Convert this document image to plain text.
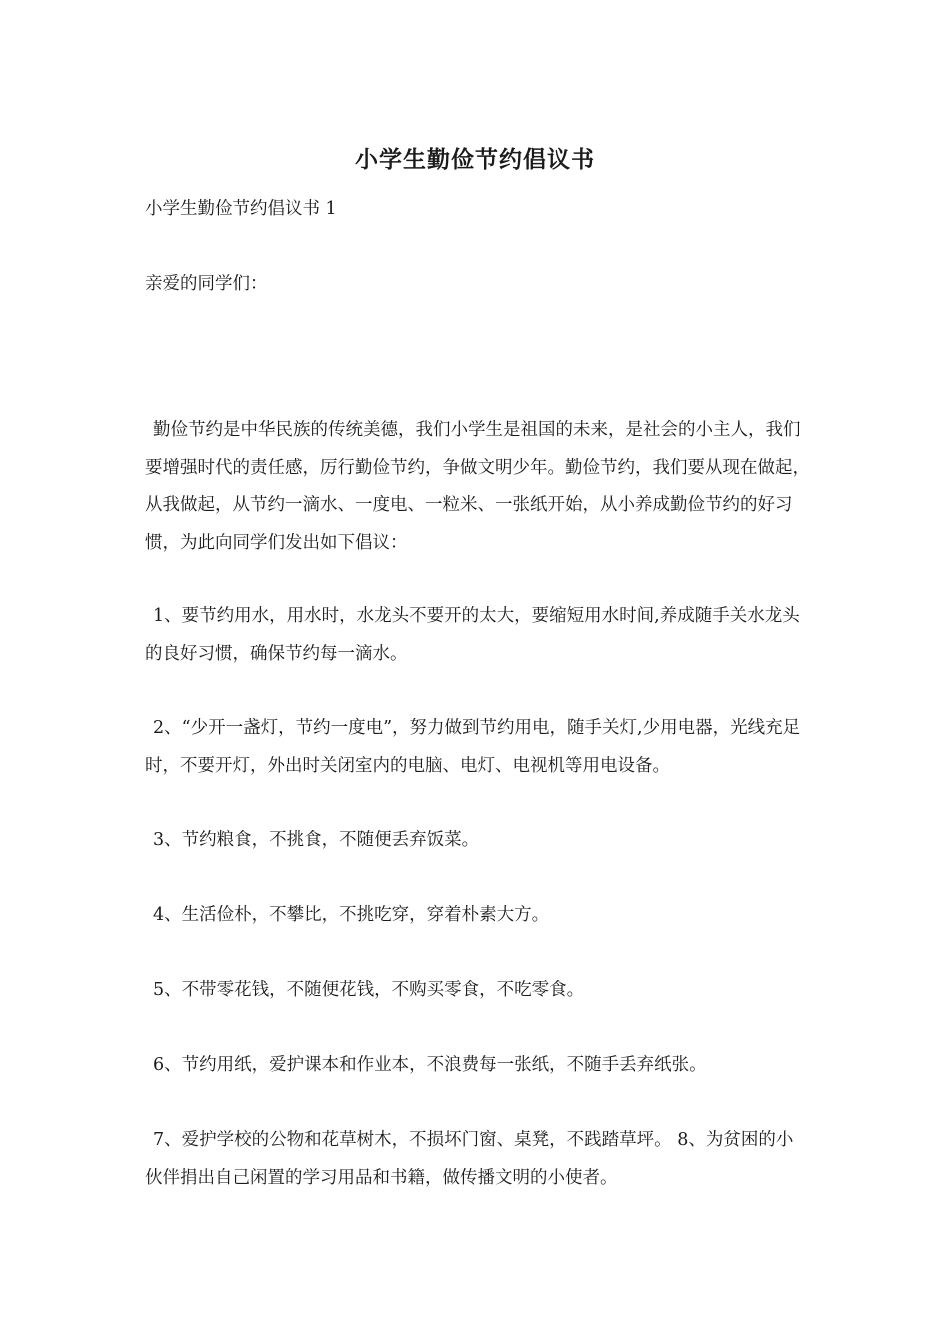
小学生勤俭节约倡议书

小学生勤俭节约倡议书 1

亲爱的同学们：

勤俭节约是中华民族的传统美德，我们小学生是祖国的未来，是社会的小主人，我们要增强时代的责任感，厉行勤俭节约，争做文明少年。勤俭节约，我们要从现在做起，从我做起，从节约一滴水、一度电、一粒米、一张纸开始，从小养成勤俭节约的好习惯，为此向同学们发出如下倡议：

1、要节约用水，用水时，水龙头不要开的太大，要缩短用水时间,养成随手关水龙头的良好习惯，确保节约每一滴水。

2、“少开一盏灯，节约一度电”，努力做到节约用电，随手关灯,少用电器，光线充足时，不要开灯，外出时关闭室内的电脑、电灯、电视机等用电设备。

3、节约粮食，不挑食，不随便丢弃饭菜。

4、生活俭朴，不攀比，不挑吃穿，穿着朴素大方。

5、不带零花钱，不随便花钱，不购买零食，不吃零食。

6、节约用纸，爱护课本和作业本，不浪费每一张纸，不随手丢弃纸张。

7、爱护学校的公物和花草树木，不损坏门窗、桌凳，不践踏草坪。 8、为贫困的小伙伴捐出自己闲置的学习用品和书籍，做传播文明的小使者。
